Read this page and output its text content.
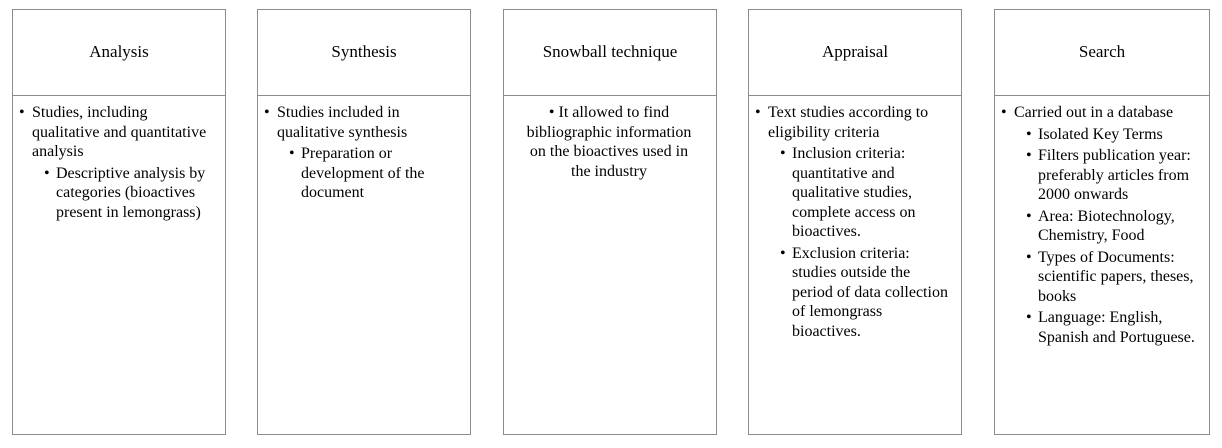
Analysis
• Studies, including qualitative and quantitative analysis
• Descriptive analysis by categories (bioactives present in lemongrass)
Synthesis
• Studies included in qualitative synthesis
• Preparation or development of the document
Snowball technique
• It allowed to find bibliographic information on the bioactives used in the industry
Appraisal
• Text studies according to eligibility criteria
• Inclusion criteria: quantitative and qualitative studies, complete access on bioactives.
• Exclusion criteria: studies outside the period of data collection of lemongrass bioactives.
Search
• Carried out in a database
• Isolated Key Terms
• Filters publication year: preferably articles from 2000 onwards
• Area: Biotechnology, Chemistry, Food
• Types of Documents: scientific papers, theses, books
• Language: English, Spanish and Portuguese.
